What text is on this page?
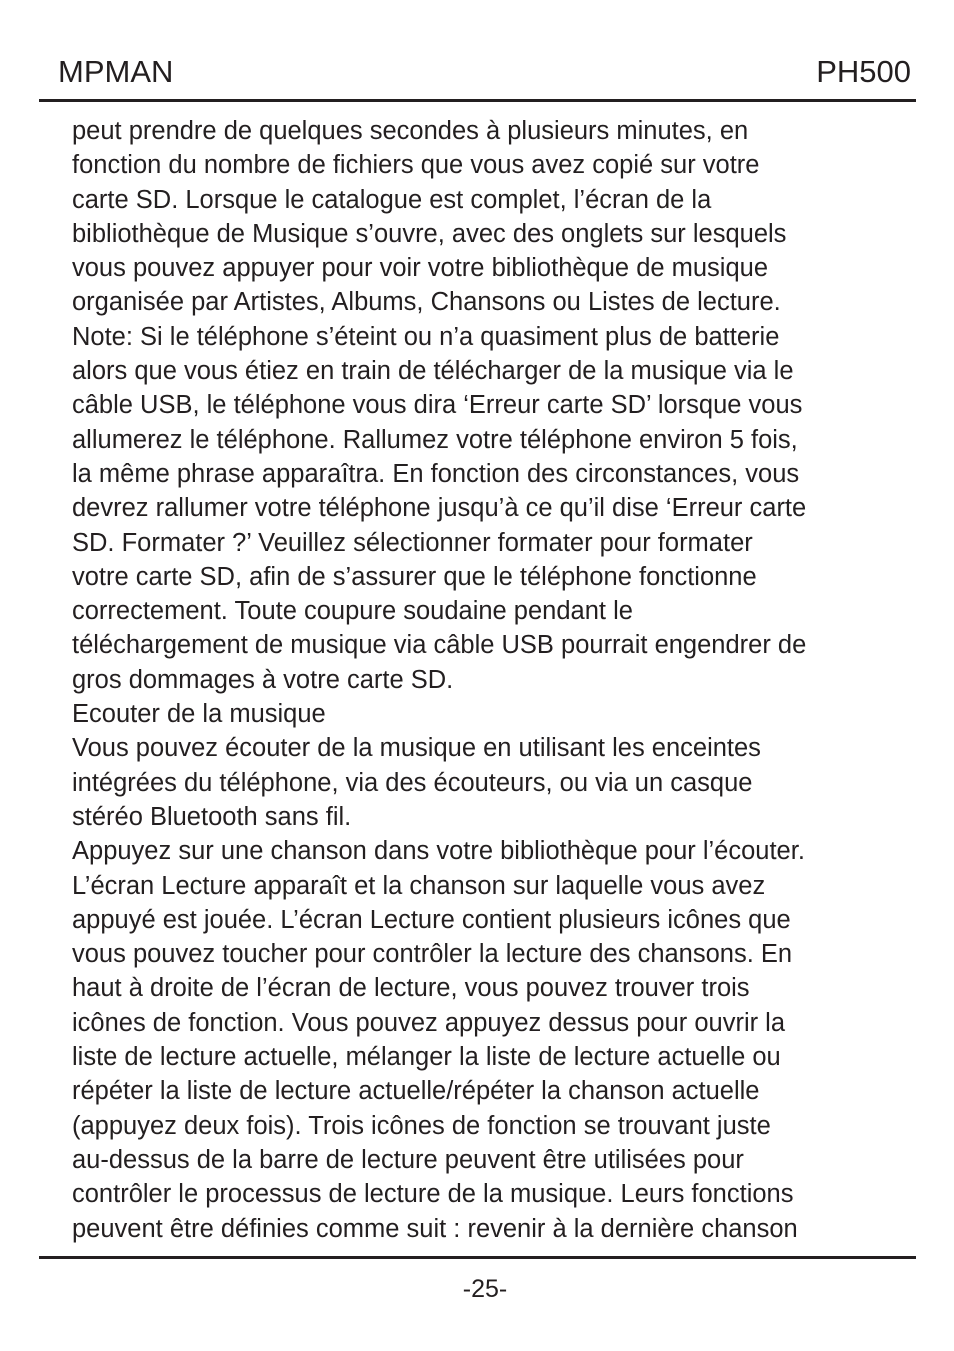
MPMAN	PH500
peut prendre de quelques secondes à plusieurs minutes, en
fonction du nombre de fichiers que vous avez copié sur votre
carte SD. Lorsque le catalogue est complet, l’écran de la
bibliothèque de Musique s’ouvre, avec des onglets sur lesquels
vous pouvez appuyer pour voir votre bibliothèque de musique
organisée par Artistes, Albums, Chansons ou Listes de lecture.
Note: Si le téléphone s’éteint ou n’a quasiment plus de batterie
alors que vous étiez en train de télécharger de la musique via le
câble USB, le téléphone vous dira ‘Erreur carte SD’ lorsque vous
allumerez le téléphone. Rallumez votre téléphone environ 5 fois,
la même phrase apparaîtra. En fonction des circonstances, vous
devrez rallumer votre téléphone jusqu’à ce qu’il dise ‘Erreur carte
SD. Formater ?’ Veuillez sélectionner formater pour formater
votre carte SD, afin de s’assurer que le téléphone fonctionne
correctement. Toute coupure soudaine pendant le
téléchargement de musique via câble USB pourrait engendrer de
gros dommages à votre carte SD.
Ecouter de la musique
Vous pouvez écouter de la musique en utilisant les enceintes
intégrées du téléphone, via des écouteurs, ou via un casque
stéréo Bluetooth sans fil.
Appuyez sur une chanson dans votre bibliothèque pour l’écouter.
L’écran Lecture apparaît et la chanson sur laquelle vous avez
appuyé est jouée. L’écran Lecture contient plusieurs icônes que
vous pouvez toucher pour contrôler la lecture des chansons. En
haut à droite de l’écran de lecture, vous pouvez trouver trois
icônes de fonction. Vous pouvez appuyez dessus pour ouvrir la
liste de lecture actuelle, mélanger la liste de lecture actuelle ou
répéter la liste de lecture actuelle/répéter la chanson actuelle
(appuyez deux fois). Trois icônes de fonction se trouvant juste
au-dessus de la barre de lecture peuvent être utilisées pour
contrôler le processus de lecture de la musique. Leurs fonctions
peuvent être définies comme suit : revenir à la dernière chanson
-25-
